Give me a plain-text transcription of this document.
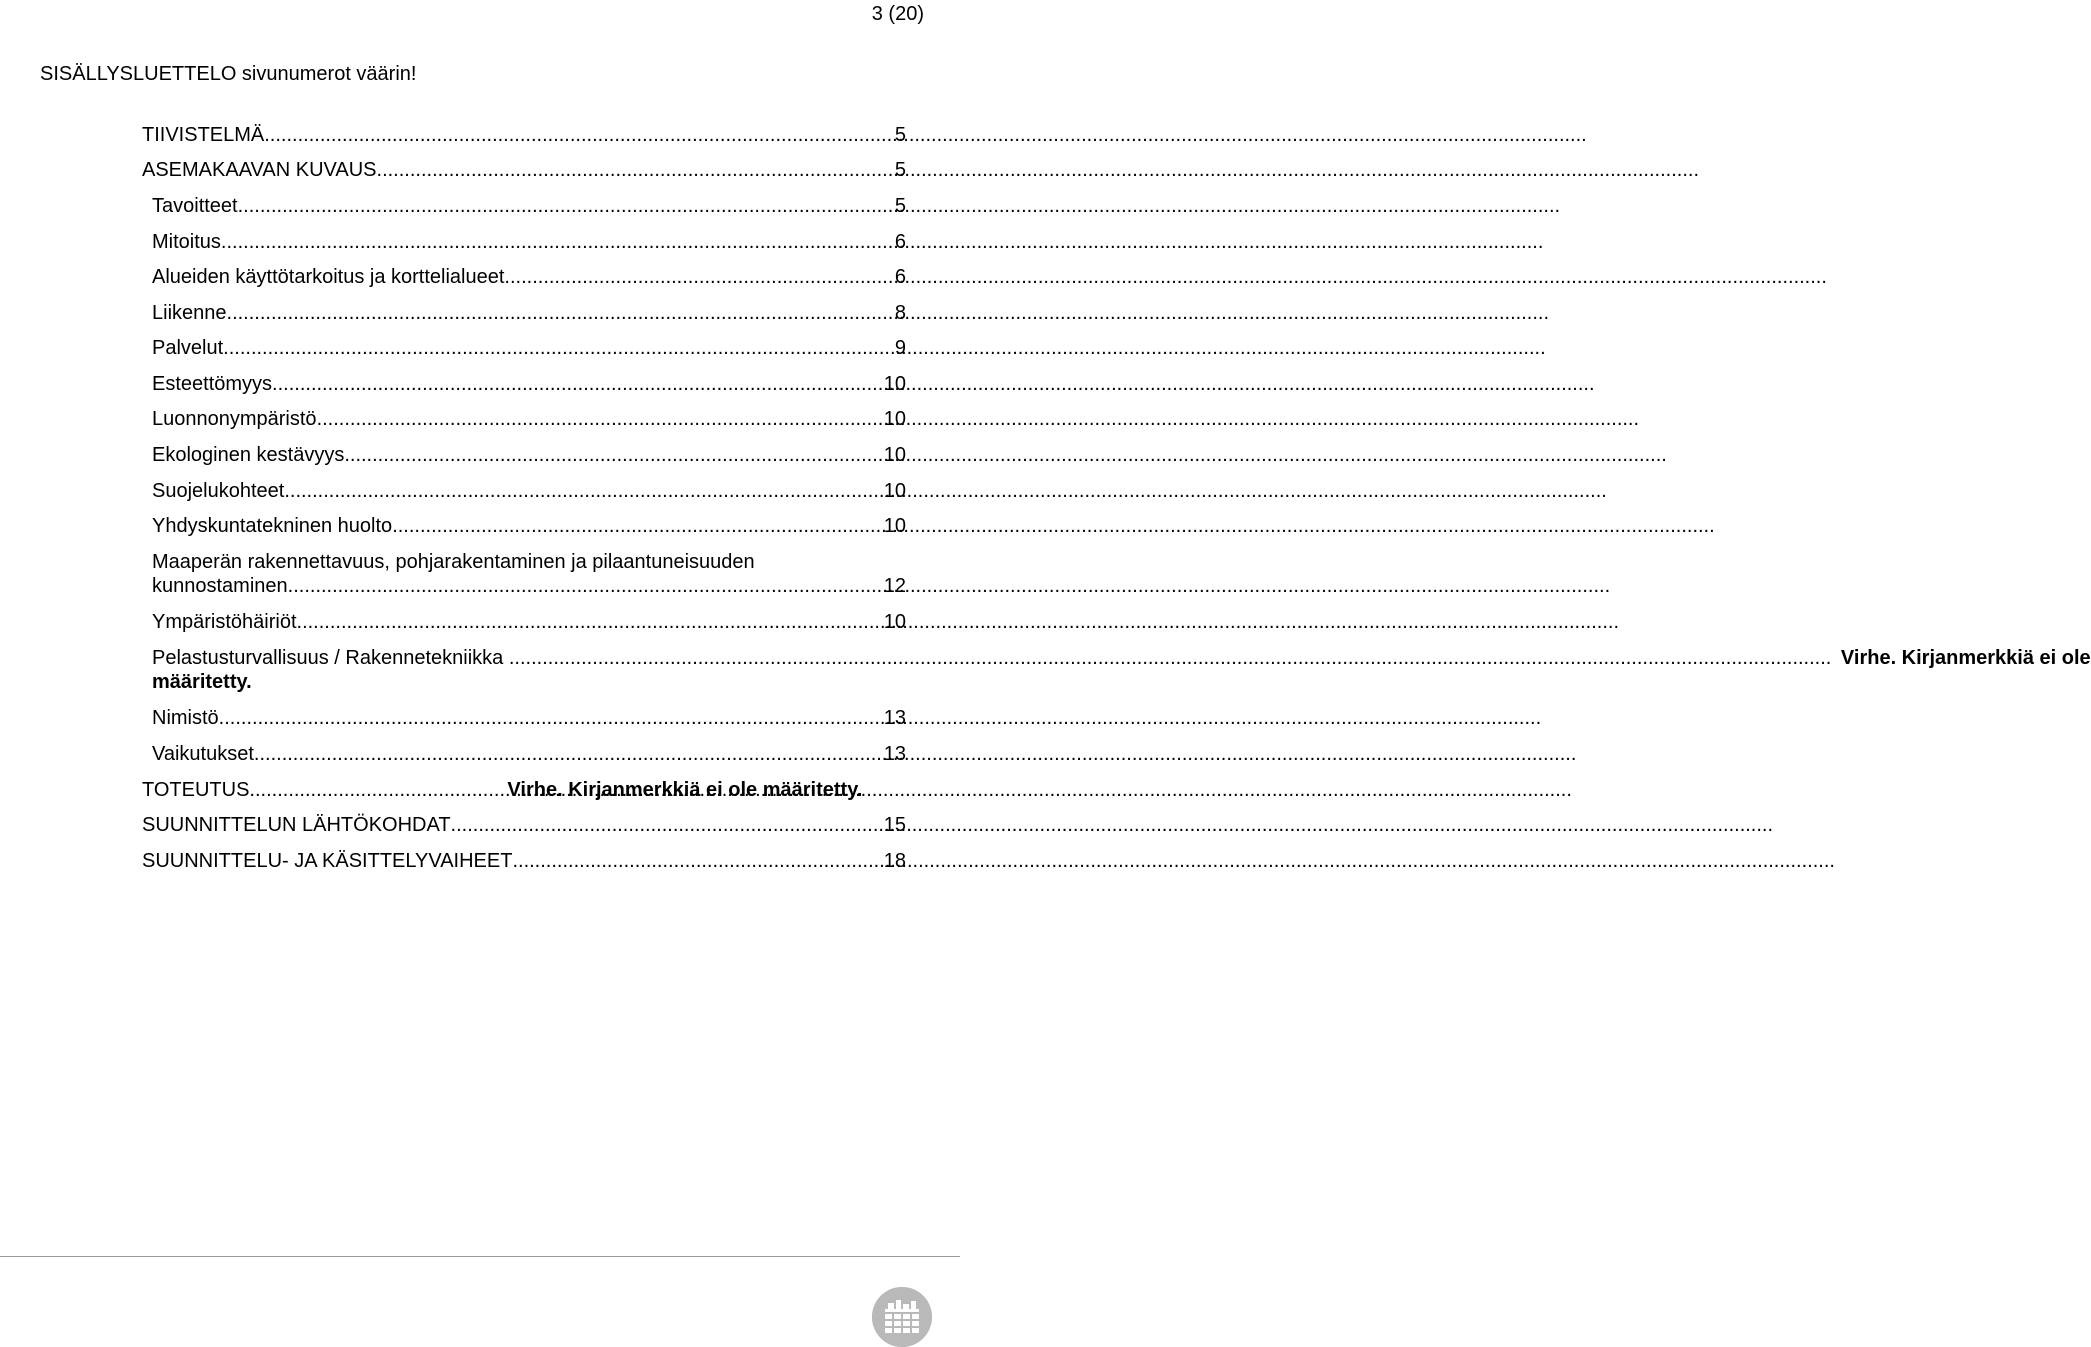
3 (20)
SISÄLLYSLUETTELO sivunumerot väärin!
TIIVISTELMÄ .....	5
ASEMAKAAVAN KUVAUS .....	5
Tavoitteet .....	5
Mitoitus .....	6
Alueiden käyttötarkoitus ja korttelialueet .....	6
Liikenne .....	8
Palvelut .....	9
Esteettömyys .....	10
Luonnonympäristö .....	10
Ekologinen kestävyys .....	10
Suojelukohteet .....	10
Yhdyskuntatekninen huolto .....	10
Maaperän rakennettavuus, pohjarakentaminen ja pilaantuneisuuden
kunnostaminen .....	12
Ympäristöhäiriöt .....	10
Pelastusturvallisuus / Rakennetekniikka .....	Virhe. Kirjanmerkkiä ei ole
määritetty.
Nimistö .....	13
Vaikutukset .....	13
TOTEUTUS .....	Virhe. Kirjanmerkkiä ei ole määritetty.
SUUNNITTELUN LÄHTÖKOHDAT .....	15
SUUNNITTELU- JA KÄSITTELYVAIHEET .....	18
